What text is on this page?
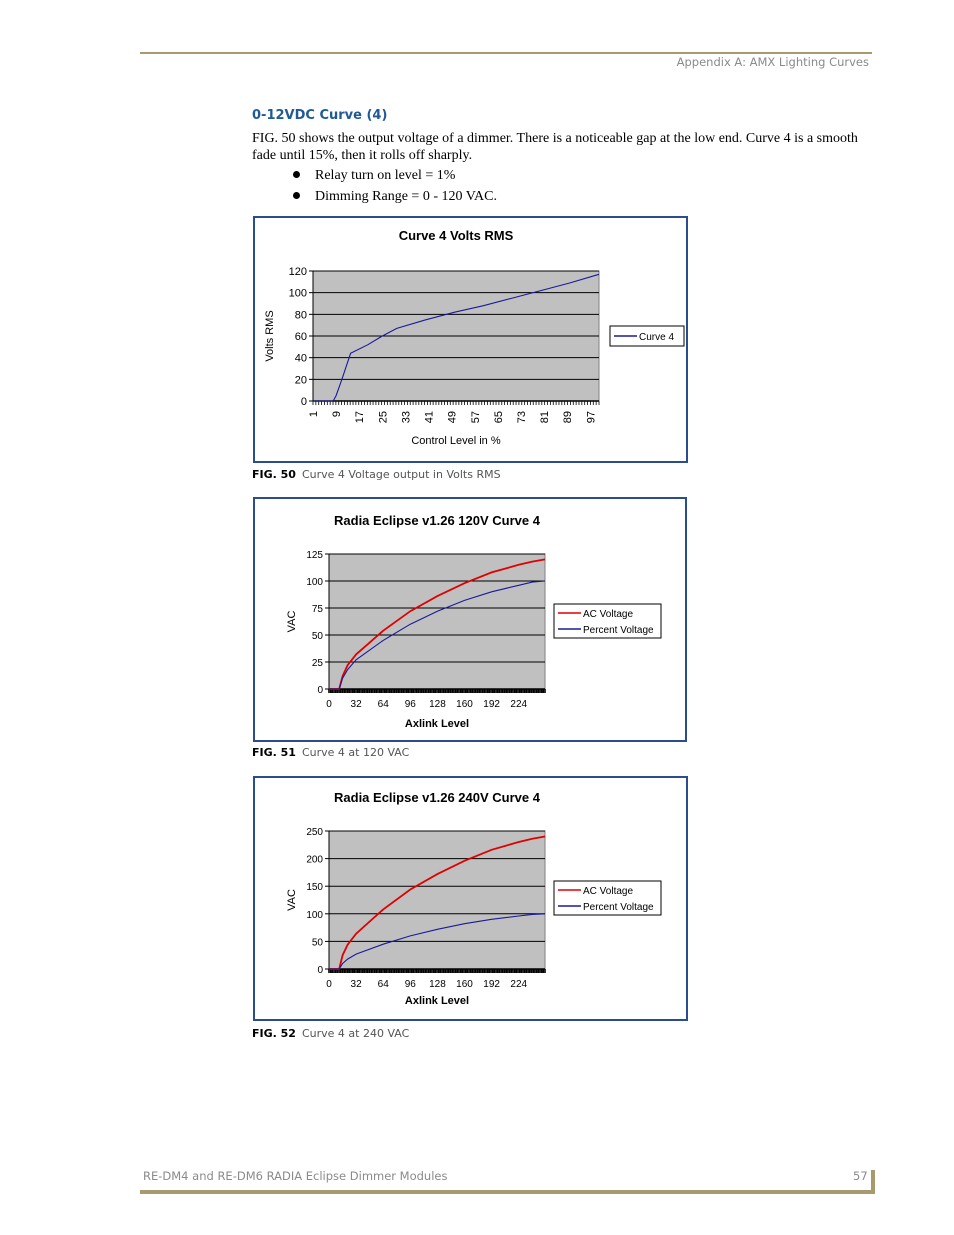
Appendix A: AMX Lighting Curves
0-12VDC Curve (4)
FIG. 50 shows the output voltage of a dimmer. There is a noticeable gap at the low end. Curve 4 is a smooth fade until 15%, then it rolls off sharply.
Relay turn on level = 1%
Dimming Range = 0 - 120 VAC.
Curve 4 Volts RMS
0
20
40
60
80
100
120
1 9 17 25 33 41 49 57 65 73 81 89 97
Control Level in %
Volts RMS	Curve 4
FIG. 50 Curve 4 Voltage output in Volts RMS
Radia Eclipse v1.26 120V Curve 4
0
25
50
75
100
125
0 32 64 96 128 160 192 224
Axlink Level
VAC	AC Voltage
Percent Voltage
FIG. 51 Curve 4 at 120 VAC
Radia Eclipse v1.26 240V Curve 4
0
50
100
150
200
250
0 32 64 96 128 160 192 224
Axlink Level
VAC	AC Voltage
Percent Voltage
FIG. 52 Curve 4 at 240 VAC
RE-DM4 and RE-DM6 RADIA Eclipse Dimmer Modules	57
